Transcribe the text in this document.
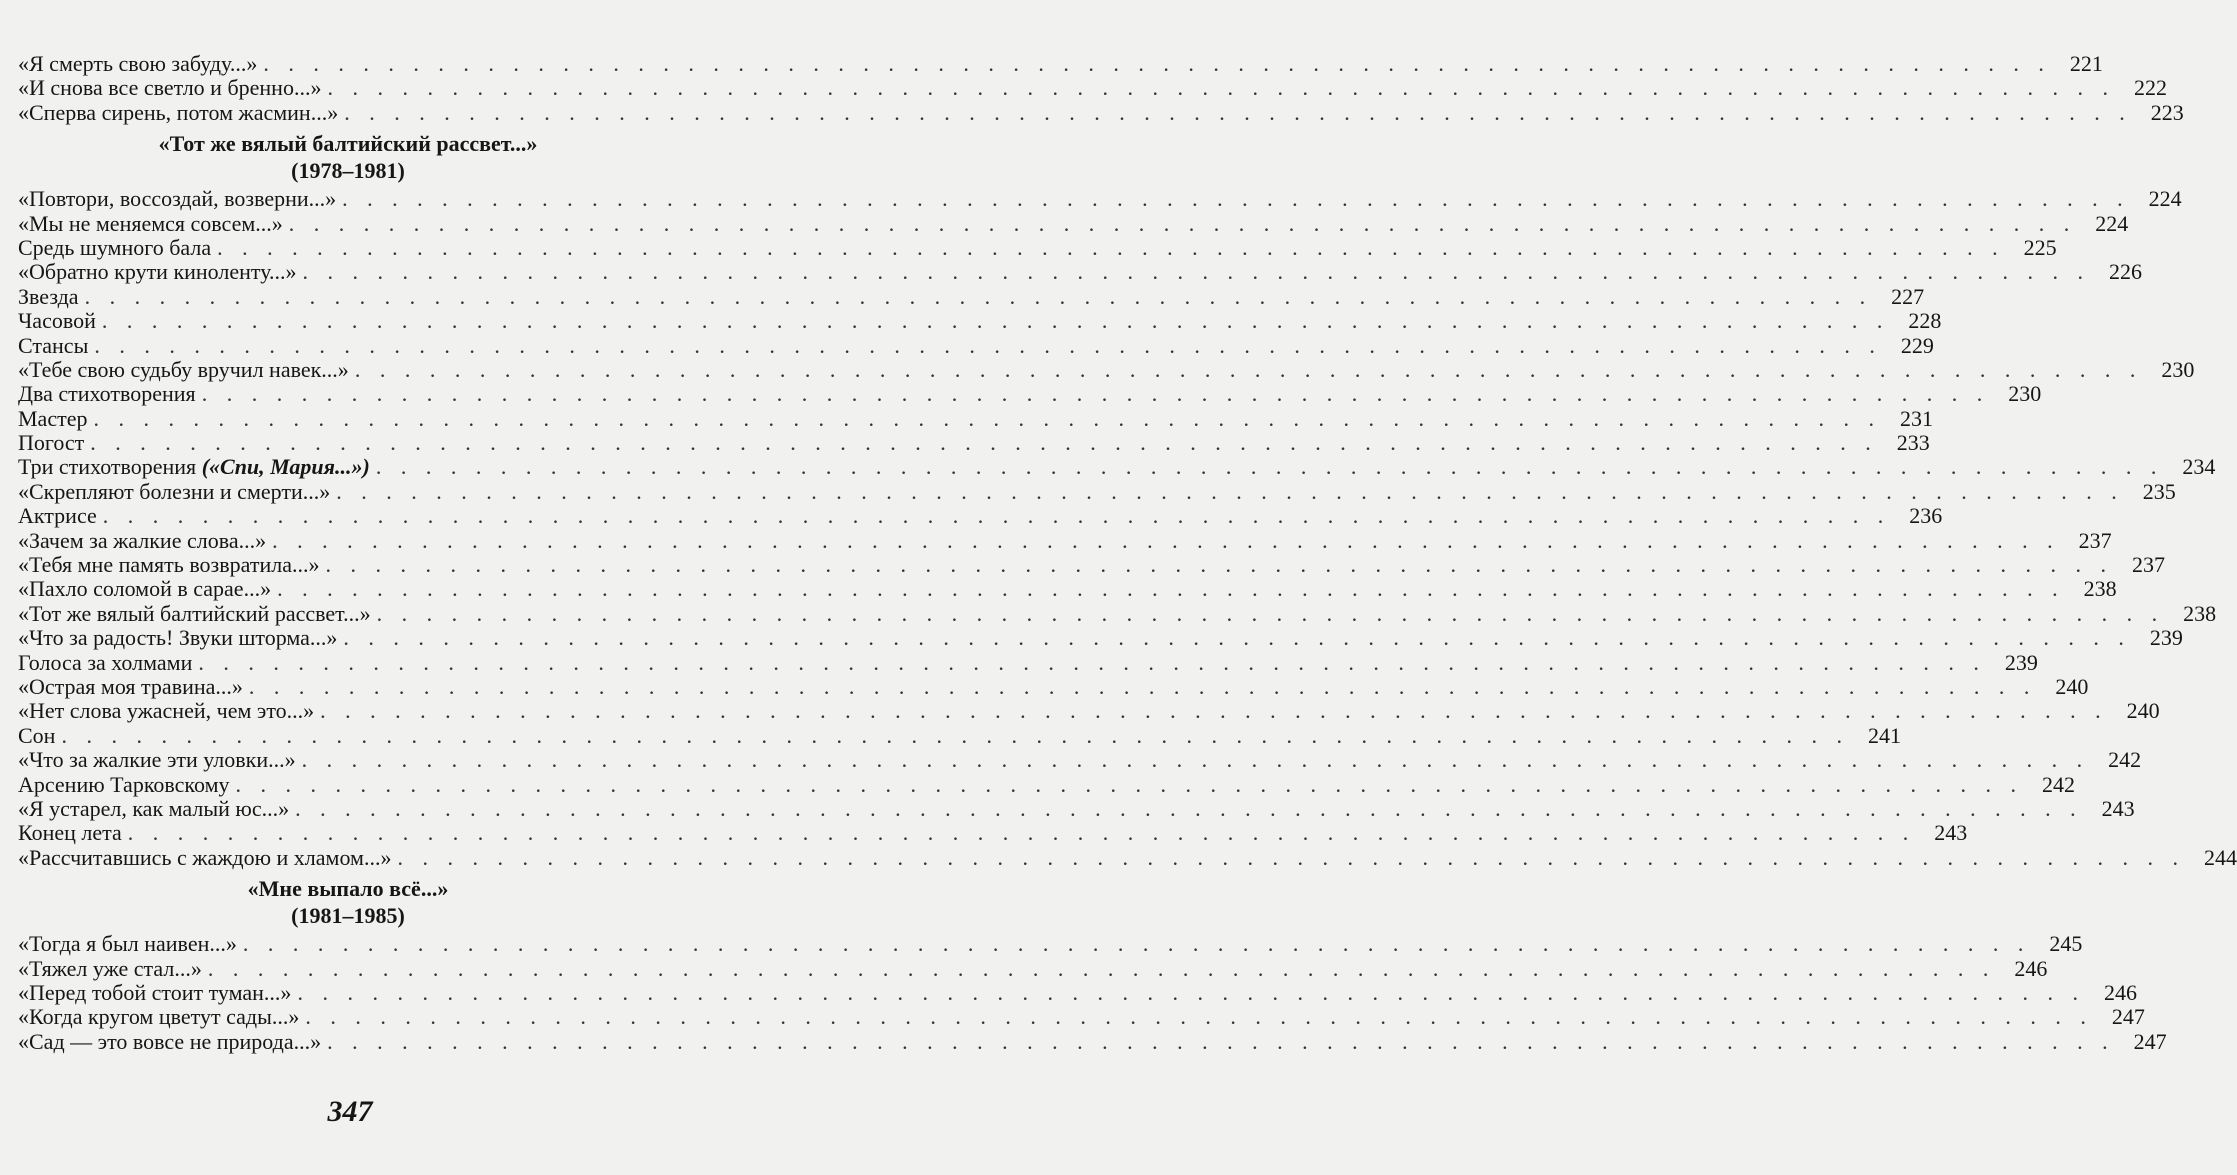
«Я смерть свою забуду...» . . .	221
«И снова все светло и бренно...» . . .	222
«Сперва сирень, потом жасмин...» . . .	223
«Тот же вялый балтийский рассвет...»
(1978–1981)
«Повтори, воссоздай, возверни...» . . .	224
«Мы не меняемся совсем...» . . .	224
Средь шумного бала . . .	225
«Обратно крути киноленту...» . . .	226
Звезда . . .	227
Часовой . . .	228
Стансы . . .	229
«Тебе свою судьбу вручил навек...» . . .	230
Два стихотворения . . .	230
Мастер . . .	231
Погост . . .	233
Три стихотворения («Спи, Мария...») . . .	234
«Скрепляют болезни и смерти...» . . .	235
Актрисе . . .	236
«Зачем за жалкие слова...» . . .	237
«Тебя мне память возвратила...» . . .	237
«Пахло соломой в сарае...» . . .	238
«Тот же вялый балтийский рассвет...» . . .	238
«Что за радость! Звуки шторма...» . . .	239
Голоса за холмами . . .	239
«Острая моя травина...» . . .	240
«Нет слова ужасней, чем это...» . . .	240
Сон . . .	241
«Что за жалкие эти уловки...» . . .	242
Арсению Тарковскому . . .	242
«Я устарел, как малый юс...» . . .	243
Конец лета . . .	243
«Рассчитавшись с жаждою и хламом...» . . .	244
«Мне выпало всё...»
(1981–1985)
«Тогда я был наивен...» . . .	245
«Тяжел уже стал...» . . .	246
«Перед тобой стоит туман...» . . .	246
«Когда кругом цветут сады...» . . .	247
«Сад — это вовсе не природа...» . . .	247
347
